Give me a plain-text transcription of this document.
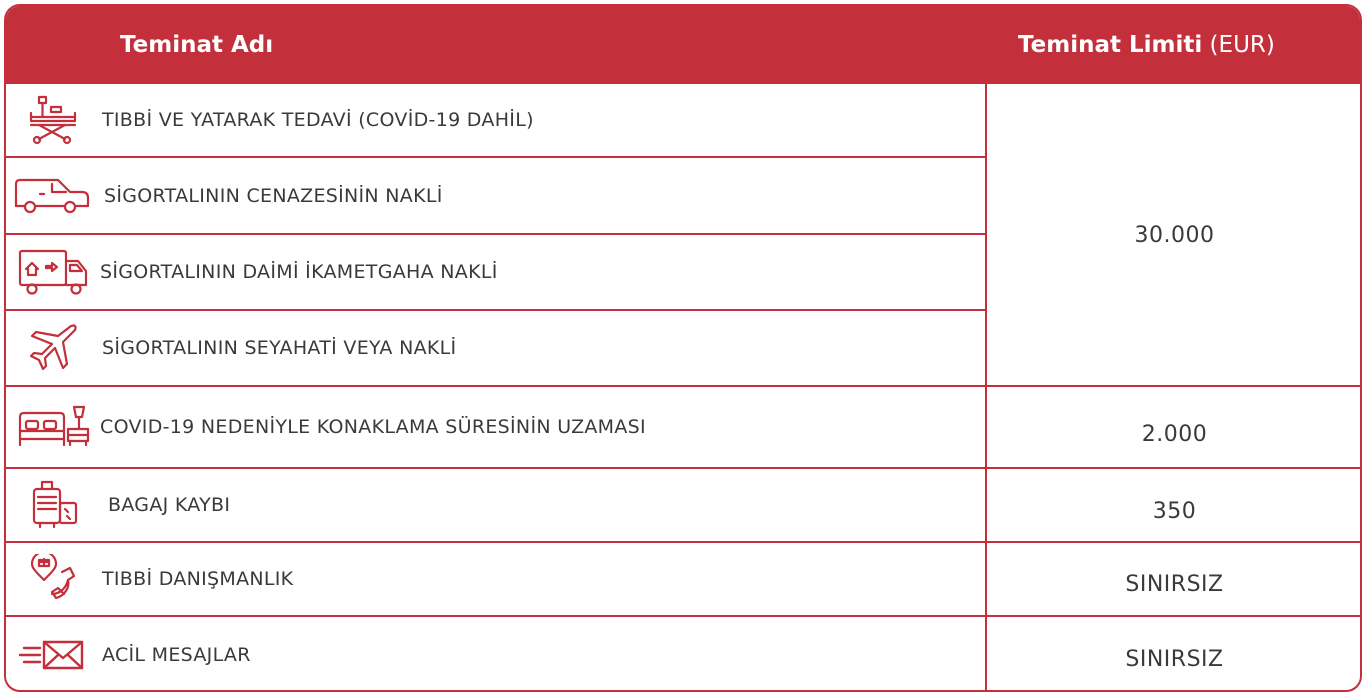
Teminat Adı	Teminat Limiti (EUR)
TIBBİ VE YATARAK TEDAVİ (COVİD-19 DAHİL)
SİGORTALININ CENAZESİNİN NAKLİ
SİGORTALININ DAİMİ İKAMETGAHA NAKLİ
SİGORTALININ SEYAHATİ VEYA NAKLİ
COVID-19 NEDENİYLE KONAKLAMA SÜRESİNİN UZAMASI
BAGAJ KAYBI
TIBBİ DANIŞMANLIK
ACİL MESAJLAR
30.000
2.000
350
SINIRSIZ
SINIRSIZ
